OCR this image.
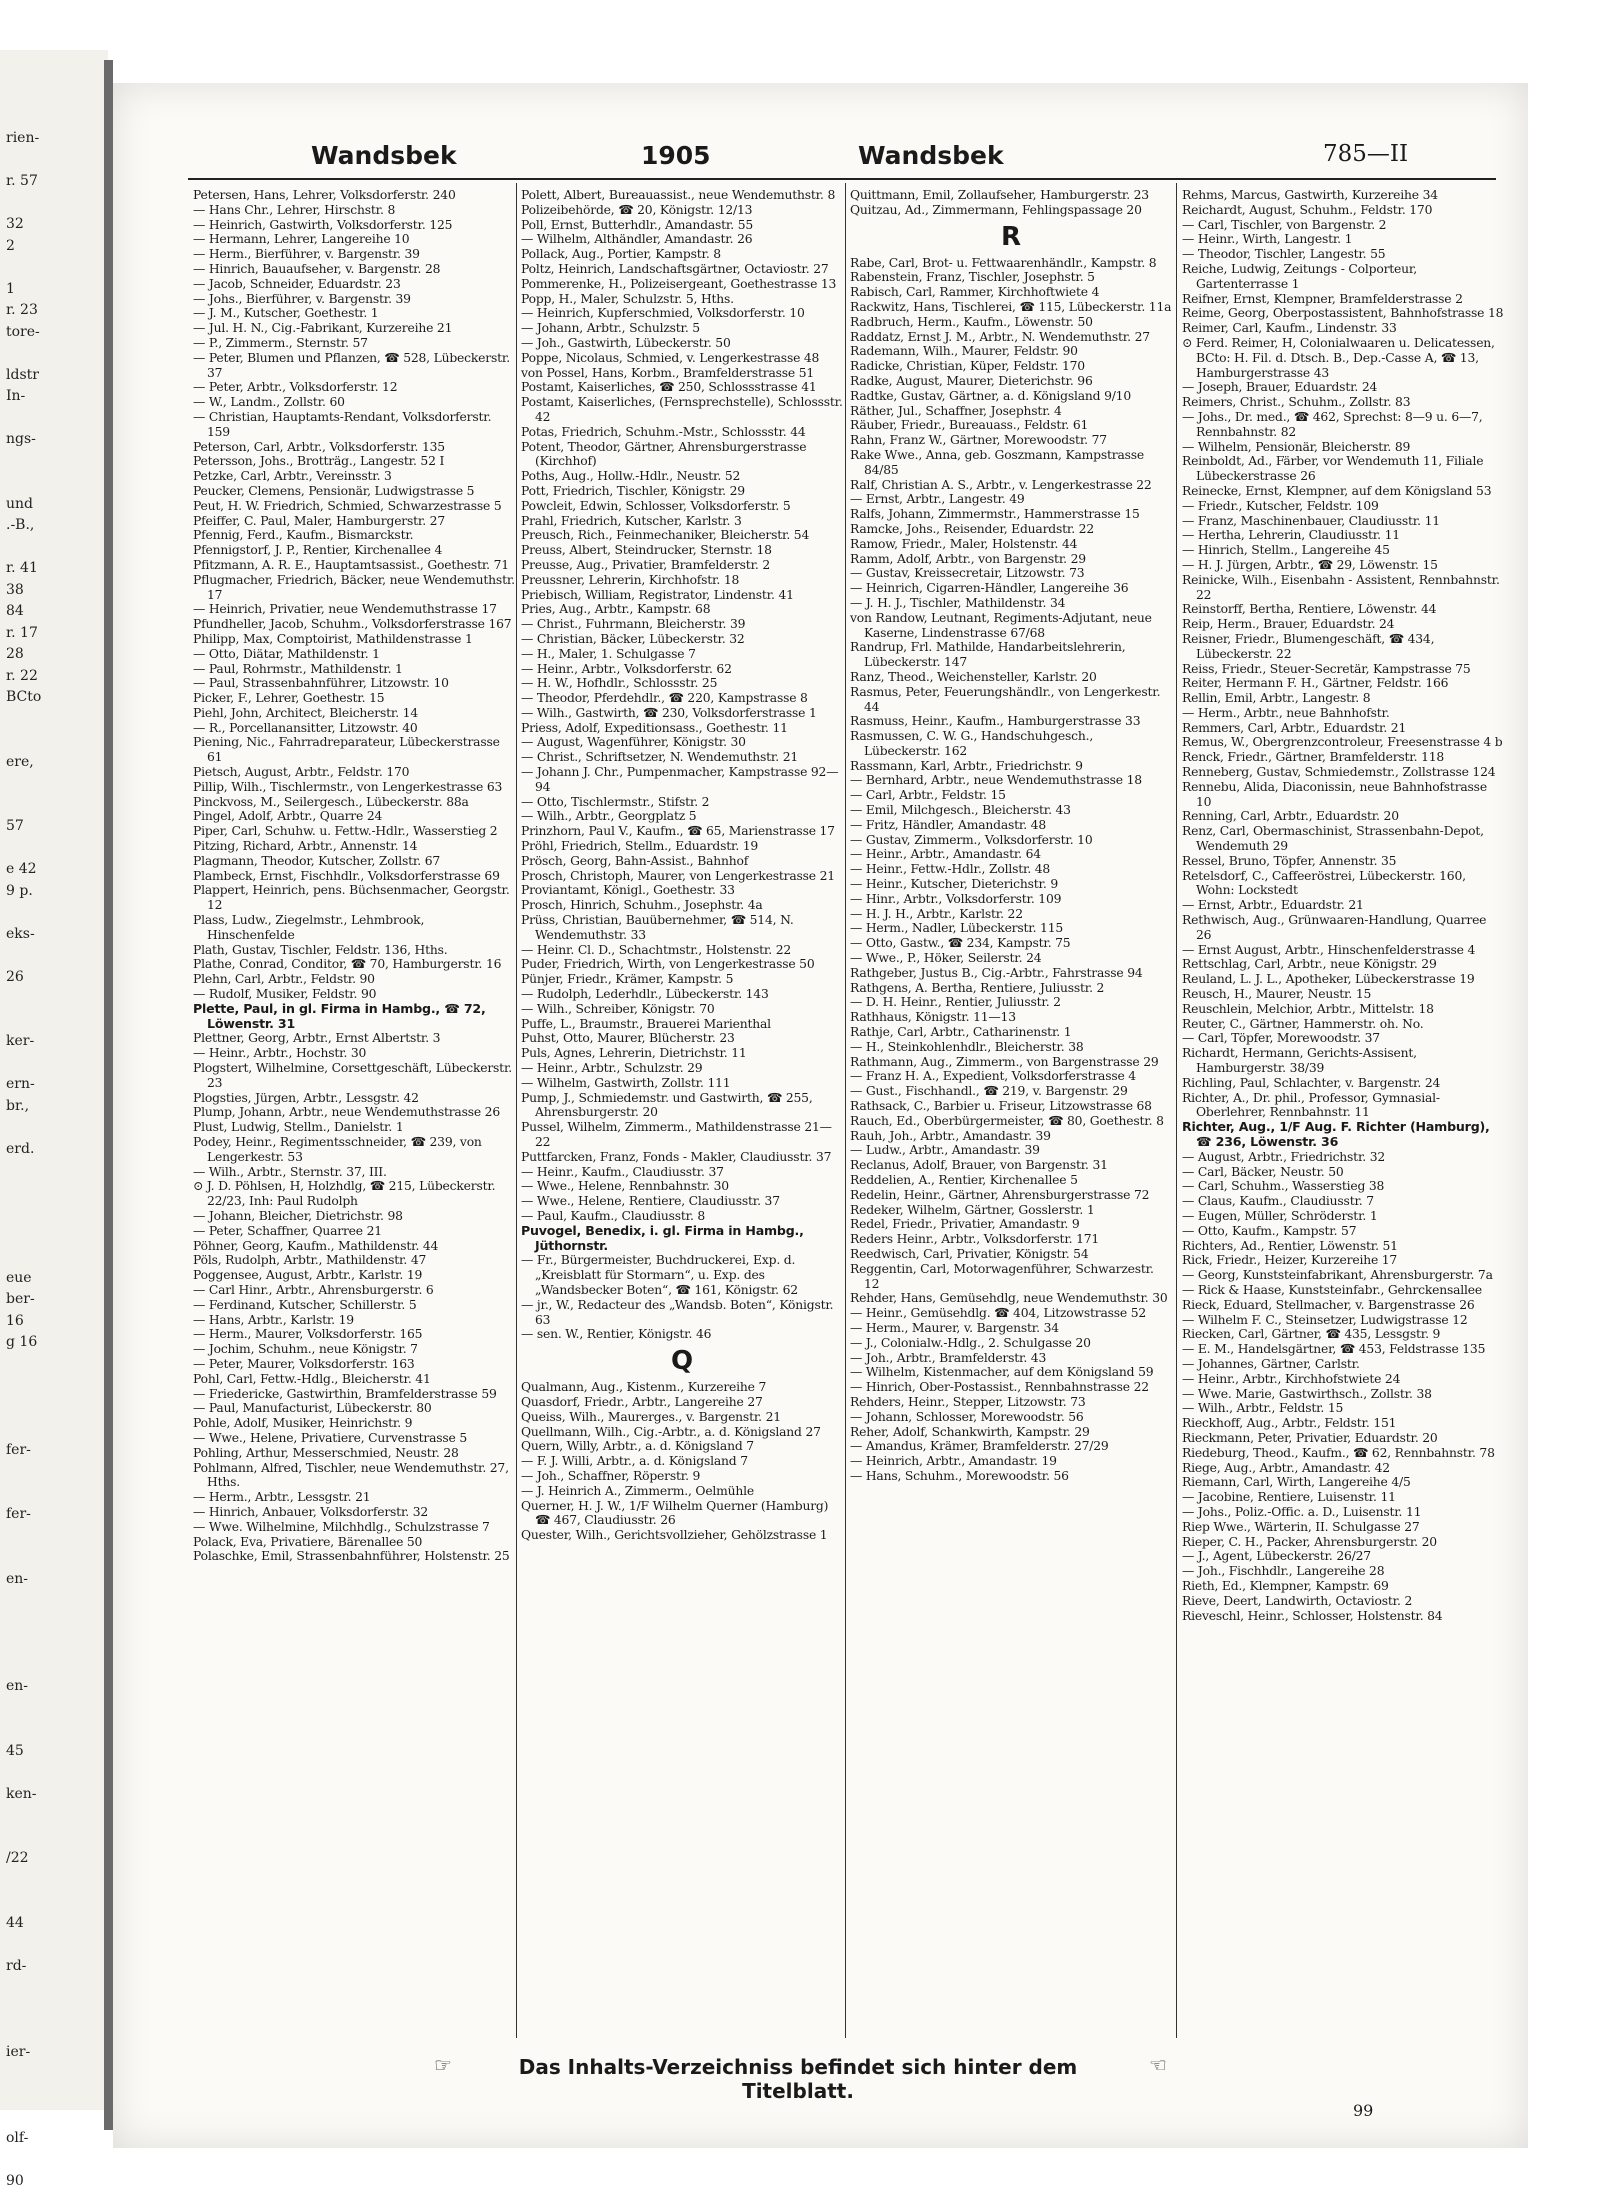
rien-
r. 57
32
2
1
r. 23
tore-
ldstr
In-
ngs-
und
.-B.,
r. 41
38
84
r. 17
28
r. 22
BCto
ere,
57
e 42
9 p.
eks-
26
ker-
ern-
br.,
erd.
eue
ber-
16
g 16
fer-
fer-
en-
en-
45
ken-
/22
44
rd-
ier-
olf-
90
Wandsbek	1905	Wandsbek	785—II
Petersen, Hans, Lehrer, Volksdorferstr. 240
— Hans Chr., Lehrer, Hirschstr. 8
— Heinrich, Gastwirth, Volksdorferstr. 125
— Hermann, Lehrer, Langereihe 10
— Herm., Bierführer, v. Bargenstr. 39
— Hinrich, Bauaufseher, v. Bargenstr. 28
— Jacob, Schneider, Eduardstr. 23
— Johs., Bierführer, v. Bargenstr. 39
— J. M., Kutscher, Goethestr. 1
— Jul. H. N., Cig.-Fabrikant, Kurzereihe 21
— P., Zimmerm., Sternstr. 57
— Peter, Blumen und Pflanzen, ☎ 528, Lübeckerstr. 37
— Peter, Arbtr., Volksdorferstr. 12
— W., Landm., Zollstr. 60
— Christian, Hauptamts-Rendant, Volksdorferstr. 159
Peterson, Carl, Arbtr., Volksdorferstr. 135
Petersson, Johs., Brotträg., Langestr. 52 I
Petzke, Carl, Arbtr., Vereinsstr. 3
Peucker, Clemens, Pensionär, Ludwigstrasse 5
Peut, H. W. Friedrich, Schmied, Schwarzestrasse 5
Pfeiffer, C. Paul, Maler, Hamburgerstr. 27
Pfennig, Ferd., Kaufm., Bismarckstr.
Pfennigstorf, J. P., Rentier, Kirchenallee 4
Pfitzmann, A. R. E., Hauptamtsassist., Goethestr. 71
Pflugmacher, Friedrich, Bäcker, neue Wendemuthstr. 17
— Heinrich, Privatier, neue Wendemuthstrasse 17
Pfundheller, Jacob, Schuhm., Volksdorferstrasse 167
Philipp, Max, Comptoirist, Mathildenstrasse 1
— Otto, Diätar, Mathildenstr. 1
— Paul, Rohrmstr., Mathildenstr. 1
— Paul, Strassenbahnführer, Litzowstr. 10
Picker, F., Lehrer, Goethestr. 15
Piehl, John, Architect, Bleicherstr. 14
— R., Porcellanansitter, Litzowstr. 40
Piening, Nic., Fahrradreparateur, Lübeckerstrasse 61
Pietsch, August, Arbtr., Feldstr. 170
Pillip, Wilh., Tischlermstr., von Lengerkestrasse 63
Pinckvoss, M., Seilergesch., Lübeckerstr. 88a
Pingel, Adolf, Arbtr., Quarre 24
Piper, Carl, Schuhw. u. Fettw.-Hdlr., Wasserstieg 2
Pitzing, Richard, Arbtr., Annenstr. 14
Plagmann, Theodor, Kutscher, Zollstr. 67
Plambeck, Ernst, Fischhdlr., Volksdorferstrasse 69
Plappert, Heinrich, pens. Büchsenmacher, Georgstr. 12
Plass, Ludw., Ziegelmstr., Lehmbrook, Hinschenfelde
Plath, Gustav, Tischler, Feldstr. 136, Hths.
Plathe, Conrad, Conditor, ☎ 70, Hamburgerstr. 16
Plehn, Carl, Arbtr., Feldstr. 90
— Rudolf, Musiker, Feldstr. 90
Plette, Paul, in gl. Firma in Hambg., ☎ 72, Löwenstr. 31
Plettner, Georg, Arbtr., Ernst Albertstr. 3
— Heinr., Arbtr., Hochstr. 30
Plogstert, Wilhelmine, Corsettgeschäft, Lübeckerstr. 23
Plogsties, Jürgen, Arbtr., Lessgstr. 42
Plump, Johann, Arbtr., neue Wendemuthstrasse 26
Plust, Ludwig, Stellm., Danielstr. 1
Podey, Heinr., Regimentsschneider, ☎ 239, von Lengerkestr. 53
— Wilh., Arbtr., Sternstr. 37, III.
⊙ J. D. Pöhlsen, H, Holzhdlg, ☎ 215, Lübeckerstr. 22/23, Inh: Paul Rudolph
— Johann, Bleicher, Dietrichstr. 98
— Peter, Schaffner, Quarree 21
Pöhner, Georg, Kaufm., Mathildenstr. 44
Pöls, Rudolph, Arbtr., Mathildenstr. 47
Poggensee, August, Arbtr., Karlstr. 19
— Carl Hinr., Arbtr., Ahrensburgerstr. 6
— Ferdinand, Kutscher, Schillerstr. 5
— Hans, Arbtr., Karlstr. 19
— Herm., Maurer, Volksdorferstr. 165
— Jochim, Schuhm., neue Königstr. 7
— Peter, Maurer, Volksdorferstr. 163
Pohl, Carl, Fettw.-Hdlg., Bleicherstr. 41
— Friedericke, Gastwirthin, Bramfelderstrasse 59
— Paul, Manufacturist, Lübeckerstr. 80
Pohle, Adolf, Musiker, Heinrichstr. 9
— Wwe., Helene, Privatiere, Curvenstrasse 5
Pohling, Arthur, Messerschmied, Neustr. 28
Pohlmann, Alfred, Tischler, neue Wendemuthstr. 27, Hths.
— Herm., Arbtr., Lessgstr. 21
— Hinrich, Anbauer, Volksdorferstr. 32
— Wwe. Wilhelmine, Milchhdlg., Schulzstrasse 7
Polack, Eva, Privatiere, Bärenallee 50
Polaschke, Emil, Strassenbahnführer, Holstenstr. 25
Polett, Albert, Bureauassist., neue Wendemuthstr. 8
Polizeibehörde, ☎ 20, Königstr. 12/13
Poll, Ernst, Butterhdlr., Amandastr. 55
— Wilhelm, Althändler, Amandastr. 26
Pollack, Aug., Portier, Kampstr. 8
Poltz, Heinrich, Landschaftsgärtner, Octaviostr. 27
Pommerenke, H., Polizeisergeant, Goethestrasse 13
Popp, H., Maler, Schulzstr. 5, Hths.
— Heinrich, Kupferschmied, Volksdorferstr. 10
— Johann, Arbtr., Schulzstr. 5
— Joh., Gastwirth, Lübeckerstr. 50
Poppe, Nicolaus, Schmied, v. Lengerkestrasse 48
von Possel, Hans, Korbm., Bramfelderstrasse 51
Postamt, Kaiserliches, ☎ 250, Schlossstrasse 41
Postamt, Kaiserliches, (Fernsprechstelle), Schlossstr. 42
Potas, Friedrich, Schuhm.-Mstr., Schlossstr. 44
Potent, Theodor, Gärtner, Ahrensburgerstrasse (Kirchhof)
Poths, Aug., Hollw.-Hdlr., Neustr. 52
Pott, Friedrich, Tischler, Königstr. 29
Powcleit, Edwin, Schlosser, Volksdorferstr. 5
Prahl, Friedrich, Kutscher, Karlstr. 3
Preusch, Rich., Feinmechaniker, Bleicherstr. 54
Preuss, Albert, Steindrucker, Sternstr. 18
Preusse, Aug., Privatier, Bramfelderstr. 2
Preussner, Lehrerin, Kirchhofstr. 18
Priebisch, William, Registrator, Lindenstr. 41
Pries, Aug., Arbtr., Kampstr. 68
— Christ., Fuhrmann, Bleicherstr. 39
— Christian, Bäcker, Lübeckerstr. 32
— H., Maler, 1. Schulgasse 7
— Heinr., Arbtr., Volksdorferstr. 62
— H. W., Hofhdlr., Schlossstr. 25
— Theodor, Pferdehdlr., ☎ 220, Kampstrasse 8
— Wilh., Gastwirth, ☎ 230, Volksdorferstrasse 1
Priess, Adolf, Expeditionsass., Goethestr. 11
— August, Wagenführer, Königstr. 30
— Christ., Schriftsetzer, N. Wendemuthstr. 21
— Johann J. Chr., Pumpenmacher, Kampstrasse 92—94
— Otto, Tischlermstr., Stifstr. 2
— Wilh., Arbtr., Georgplatz 5
Prinzhorn, Paul V., Kaufm., ☎ 65, Marienstrasse 17
Pröhl, Friedrich, Stellm., Eduardstr. 19
Prösch, Georg, Bahn-Assist., Bahnhof
Prosch, Christoph, Maurer, von Lengerkestrasse 21
Proviantamt, Königl., Goethestr. 33
Prosch, Hinrich, Schuhm., Josephstr. 4a
Prüss, Christian, Bauübernehmer, ☎ 514, N. Wendemuthstr. 33
— Heinr. Cl. D., Schachtmstr., Holstenstr. 22
Puder, Friedrich, Wirth, von Lengerkestrasse 50
Pünjer, Friedr., Krämer, Kampstr. 5
— Rudolph, Lederhdlr., Lübeckerstr. 143
— Wilh., Schreiber, Königstr. 70
Puffe, L., Braumstr., Brauerei Marienthal
Puhst, Otto, Maurer, Blücherstr. 23
Puls, Agnes, Lehrerin, Dietrichstr. 11
— Heinr., Arbtr., Schulzstr. 29
— Wilhelm, Gastwirth, Zollstr. 111
Pump, J., Schmiedemstr. und Gastwirth, ☎ 255, Ahrensburgerstr. 20
Pussel, Wilhelm, Zimmerm., Mathildenstrasse 21—22
Puttfarcken, Franz, Fonds - Makler, Claudiusstr. 37
— Heinr., Kaufm., Claudiusstr. 37
— Wwe., Helene, Rennbahnstr. 30
— Wwe., Helene, Rentiere, Claudiusstr. 37
— Paul, Kaufm., Claudiusstr. 8
Puvogel, Benedix, i. gl. Firma in Hambg., Jüthornstr.
— Fr., Bürgermeister, Buchdruckerei, Exp. d. „Kreisblatt für Stormarn“, u. Exp. des „Wandsbecker Boten“, ☎ 161, Königstr. 62
— jr., W., Redacteur des „Wandsb. Boten“, Königstr. 63
— sen. W., Rentier, Königstr. 46
Q
Qualmann, Aug., Kistenm., Kurzereihe 7
Quasdorf, Friedr., Arbtr., Langereihe 27
Queiss, Wilh., Maurerges., v. Bargenstr. 21
Quellmann, Wilh., Cig.-Arbtr., a. d. Königsland 27
Quern, Willy, Arbtr., a. d. Königsland 7
— F. J. Willi, Arbtr., a. d. Königsland 7
— Joh., Schaffner, Röperstr. 9
— J. Heinrich A., Zimmerm., Oelmühle
Querner, H. J. W., 1/F Wilhelm Querner (Hamburg) ☎ 467, Claudiusstr. 26
Quester, Wilh., Gerichtsvollzieher, Gehölzstrasse 1
Quittmann, Emil, Zollaufseher, Hamburgerstr. 23
Quitzau, Ad., Zimmermann, Fehlingspassage 20
R
Rabe, Carl, Brot- u. Fettwaarenhändlr., Kampstr. 8
Rabenstein, Franz, Tischler, Josephstr. 5
Rabisch, Carl, Rammer, Kirchhoftwiete 4
Rackwitz, Hans, Tischlerei, ☎ 115, Lübeckerstr. 11a
Radbruch, Herm., Kaufm., Löwenstr. 50
Raddatz, Ernst J. M., Arbtr., N. Wendemuthstr. 27
Rademann, Wilh., Maurer, Feldstr. 90
Radicke, Christian, Küper, Feldstr. 170
Radke, August, Maurer, Dieterichstr. 96
Radtke, Gustav, Gärtner, a. d. Königsland 9/10
Räther, Jul., Schaffner, Josephstr. 4
Räuber, Friedr., Bureauass., Feldstr. 61
Rahn, Franz W., Gärtner, Morewoodstr. 77
Rake Wwe., Anna, geb. Goszmann, Kampstrasse 84/85
Ralf, Christian A. S., Arbtr., v. Lengerkestrasse 22
— Ernst, Arbtr., Langestr. 49
Ralfs, Johann, Zimmermstr., Hammerstrasse 15
Ramcke, Johs., Reisender, Eduardstr. 22
Ramow, Friedr., Maler, Holstenstr. 44
Ramm, Adolf, Arbtr., von Bargenstr. 29
— Gustav, Kreissecretair, Litzowstr. 73
— Heinrich, Cigarren-Händler, Langereihe 36
— J. H. J., Tischler, Mathildenstr. 34
von Randow, Leutnant, Regiments-Adjutant, neue Kaserne, Lindenstrasse 67/68
Randrup, Frl. Mathilde, Handarbeitslehrerin, Lübeckerstr. 147
Ranz, Theod., Weichensteller, Karlstr. 20
Rasmus, Peter, Feuerungshändlr., von Lengerkestr. 44
Rasmuss, Heinr., Kaufm., Hamburgerstrasse 33
Rasmussen, C. W. G., Handschuhgesch., Lübeckerstr. 162
Rassmann, Karl, Arbtr., Friedrichstr. 9
— Bernhard, Arbtr., neue Wendemuthstrasse 18
— Carl, Arbtr., Feldstr. 15
— Emil, Milchgesch., Bleicherstr. 43
— Fritz, Händler, Amandastr. 48
— Gustav, Zimmerm., Volksdorferstr. 10
— Heinr., Arbtr., Amandastr. 64
— Heinr., Fettw.-Hdlr., Zollstr. 48
— Heinr., Kutscher, Dieterichstr. 9
— Hinr., Arbtr., Volksdorferstr. 109
— H. J. H., Arbtr., Karlstr. 22
— Herm., Nadler, Lübeckerstr. 115
— Otto, Gastw., ☎ 234, Kampstr. 75
— Wwe., P., Höker, Seilerstr. 24
Rathgeber, Justus B., Cig.-Arbtr., Fahrstrasse 94
Rathgens, A. Bertha, Rentiere, Juliusstr. 2
— D. H. Heinr., Rentier, Juliusstr. 2
Rathhaus, Königstr. 11—13
Rathje, Carl, Arbtr., Catharinenstr. 1
— H., Steinkohlenhdlr., Bleicherstr. 38
Rathmann, Aug., Zimmerm., von Bargenstrasse 29
— Franz H. A., Expedient, Volksdorferstrasse 4
— Gust., Fischhandl., ☎ 219, v. Bargenstr. 29
Rathsack, C., Barbier u. Friseur, Litzowstrasse 68
Rauch, Ed., Oberbürgermeister, ☎ 80, Goethestr. 8
Rauh, Joh., Arbtr., Amandastr. 39
— Ludw., Arbtr., Amandastr. 39
Reclanus, Adolf, Brauer, von Bargenstr. 31
Reddelien, A., Rentier, Kirchenallee 5
Redelin, Heinr., Gärtner, Ahrensburgerstrasse 72
Redeker, Wilhelm, Gärtner, Gosslerstr. 1
Redel, Friedr., Privatier, Amandastr. 9
Reders Heinr., Arbtr., Volksdorferstr. 171
Reedwisch, Carl, Privatier, Königstr. 54
Reggentin, Carl, Motorwagenführer, Schwarzestr. 12
Rehder, Hans, Gemüsehdlg, neue Wendemuthstr. 30
— Heinr., Gemüsehdlg. ☎ 404, Litzowstrasse 52
— Herm., Maurer, v. Bargenstr. 34
— J., Colonialw.-Hdlg., 2. Schulgasse 20
— Joh., Arbtr., Bramfelderstr. 43
— Wilhelm, Kistenmacher, auf dem Königsland 59
— Hinrich, Ober-Postassist., Rennbahnstrasse 22
Rehders, Heinr., Stepper, Litzowstr. 73
— Johann, Schlosser, Morewoodstr. 56
Reher, Adolf, Schankwirth, Kampstr. 29
— Amandus, Krämer, Bramfelderstr. 27/29
— Heinrich, Arbtr., Amandastr. 19
— Hans, Schuhm., Morewoodstr. 56
Rehms, Marcus, Gastwirth, Kurzereihe 34
Reichardt, August, Schuhm., Feldstr. 170
— Carl, Tischler, von Bargenstr. 2
— Heinr., Wirth, Langestr. 1
— Theodor, Tischler, Langestr. 55
Reiche, Ludwig, Zeitungs - Colporteur, Gartenterrasse 1
Reifner, Ernst, Klempner, Bramfelderstrasse 2
Reime, Georg, Oberpostassistent, Bahnhofstrasse 18
Reimer, Carl, Kaufm., Lindenstr. 33
⊙ Ferd. Reimer, H, Colonialwaaren u. Delicatessen, BCto: H. Fil. d. Dtsch. B., Dep.-Casse A, ☎ 13, Hamburgerstrasse 43
— Joseph, Brauer, Eduardstr. 24
Reimers, Christ., Schuhm., Zollstr. 83
— Johs., Dr. med., ☎ 462, Sprechst: 8—9 u. 6—7, Rennbahnstr. 82
— Wilhelm, Pensionär, Bleicherstr. 89
Reinboldt, Ad., Färber, vor Wendemuth 11, Filiale Lübeckerstrasse 26
Reinecke, Ernst, Klempner, auf dem Königsland 53
— Friedr., Kutscher, Feldstr. 109
— Franz, Maschinenbauer, Claudiusstr. 11
— Hertha, Lehrerin, Claudiusstr. 11
— Hinrich, Stellm., Langereihe 45
— H. J. Jürgen, Arbtr., ☎ 29, Löwenstr. 15
Reinicke, Wilh., Eisenbahn - Assistent, Rennbahnstr. 22
Reinstorff, Bertha, Rentiere, Löwenstr. 44
Reip, Herm., Brauer, Eduardstr. 24
Reisner, Friedr., Blumengeschäft, ☎ 434, Lübeckerstr. 22
Reiss, Friedr., Steuer-Secretär, Kampstrasse 75
Reiter, Hermann F. H., Gärtner, Feldstr. 166
Rellin, Emil, Arbtr., Langestr. 8
— Herm., Arbtr., neue Bahnhofstr.
Remmers, Carl, Arbtr., Eduardstr. 21
Remus, W., Obergrenzcontroleur, Freesenstrasse 4 b
Renck, Friedr., Gärtner, Bramfelderstr. 118
Renneberg, Gustav, Schmiedemstr., Zollstrasse 124
Rennebu, Alida, Diaconissin, neue Bahnhofstrasse 10
Renning, Carl, Arbtr., Eduardstr. 20
Renz, Carl, Obermaschinist, Strassenbahn-Depot, Wendemuth 29
Ressel, Bruno, Töpfer, Annenstr. 35
Retelsdorf, C., Caffeeröstrei, Lübeckerstr. 160, Wohn: Lockstedt
— Ernst, Arbtr., Eduardstr. 21
Rethwisch, Aug., Grünwaaren-Handlung, Quarree 26
— Ernst August, Arbtr., Hinschenfelderstrasse 4
Rettschlag, Carl, Arbtr., neue Königstr. 29
Reuland, L. J. L., Apotheker, Lübeckerstrasse 19
Reusch, H., Maurer, Neustr. 15
Reuschlein, Melchior, Arbtr., Mittelstr. 18
Reuter, C., Gärtner, Hammerstr. oh. No.
— Carl, Töpfer, Morewoodstr. 37
Richardt, Hermann, Gerichts-Assisent, Hamburgerstr. 38/39
Richling, Paul, Schlachter, v. Bargenstr. 24
Richter, A., Dr. phil., Professor, Gymnasial-Oberlehrer, Rennbahnstr. 11
Richter, Aug., 1/F Aug. F. Richter (Hamburg), ☎ 236, Löwenstr. 36
— August, Arbtr., Friedrichstr. 32
— Carl, Bäcker, Neustr. 50
— Carl, Schuhm., Wasserstieg 38
— Claus, Kaufm., Claudiusstr. 7
— Eugen, Müller, Schröderstr. 1
— Otto, Kaufm., Kampstr. 57
Richters, Ad., Rentier, Löwenstr. 51
Rick, Friedr., Heizer, Kurzereihe 17
— Georg, Kunststeinfabrikant, Ahrensburgerstr. 7a
— Rick & Haase, Kunststeinfabr., Gehrckensallee
Rieck, Eduard, Stellmacher, v. Bargenstrasse 26
— Wilhelm F. C., Steinsetzer, Ludwigstrasse 12
Riecken, Carl, Gärtner, ☎ 435, Lessgstr. 9
— E. M., Handelsgärtner, ☎ 453, Feldstrasse 135
— Johannes, Gärtner, Carlstr.
— Heinr., Arbtr., Kirchhofstwiete 24
— Wwe. Marie, Gastwirthsch., Zollstr. 38
— Wilh., Arbtr., Feldstr. 15
Rieckhoff, Aug., Arbtr., Feldstr. 151
Rieckmann, Peter, Privatier, Eduardstr. 20
Riedeburg, Theod., Kaufm., ☎ 62, Rennbahnstr. 78
Riege, Aug., Arbtr., Amandastr. 42
Riemann, Carl, Wirth, Langereihe 4/5
— Jacobine, Rentiere, Luisenstr. 11
— Johs., Poliz.-Offic. a. D., Luisenstr. 11
Riep Wwe., Wärterin, II. Schulgasse 27
Rieper, C. H., Packer, Ahrensburgerstr. 20
— J., Agent, Lübeckerstr. 26/27
— Joh., Fischhdlr., Langereihe 28
Rieth, Ed., Klempner, Kampstr. 69
Rieve, Deert, Landwirth, Octaviostr. 2
Rieveschl, Heinr., Schlosser, Holstenstr. 84
☞	Das Inhalts-Verzeichniss befindet sich hinter dem Titelblatt.
☜
99
